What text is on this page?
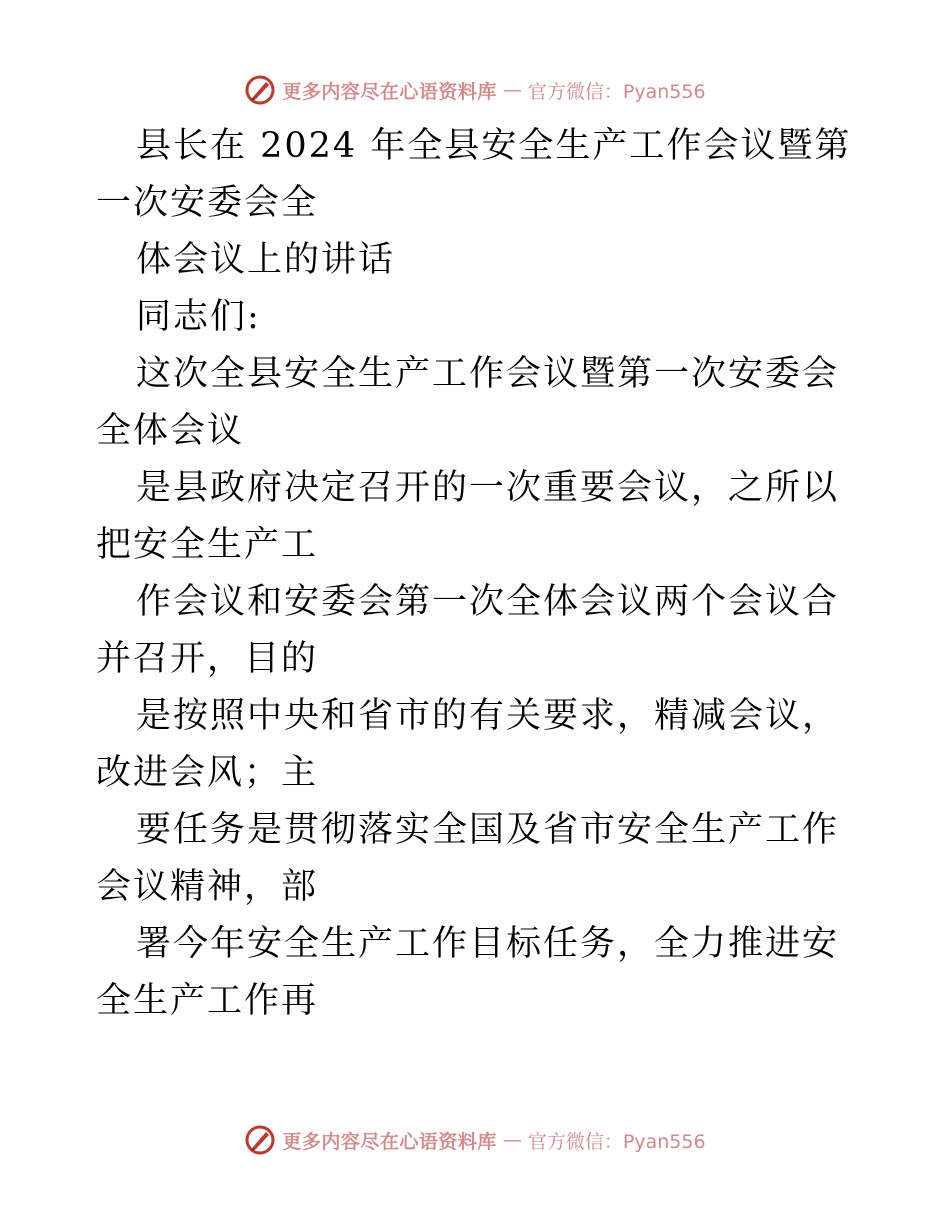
更多内容尽在心语资料库 — 官方微信：Pyan556

县长在 2024 年全县安全生产工作会议暨第一次安委会全

体会议上的讲话

同志们:

这次全县安全生产工作会议暨第一次安委会全体会议

是县政府决定召开的一次重要会议，之所以把安全生产工

作会议和安委会第一次全体会议两个会议合并召开，目的

是按照中央和省市的有关要求，精减会议，改进会风；主

要任务是贯彻落实全国及省市安全生产工作会议精神，部

署今年安全生产工作目标任务，全力推进安全生产工作再

更多内容尽在心语资料库 — 官方微信：Pyan556
